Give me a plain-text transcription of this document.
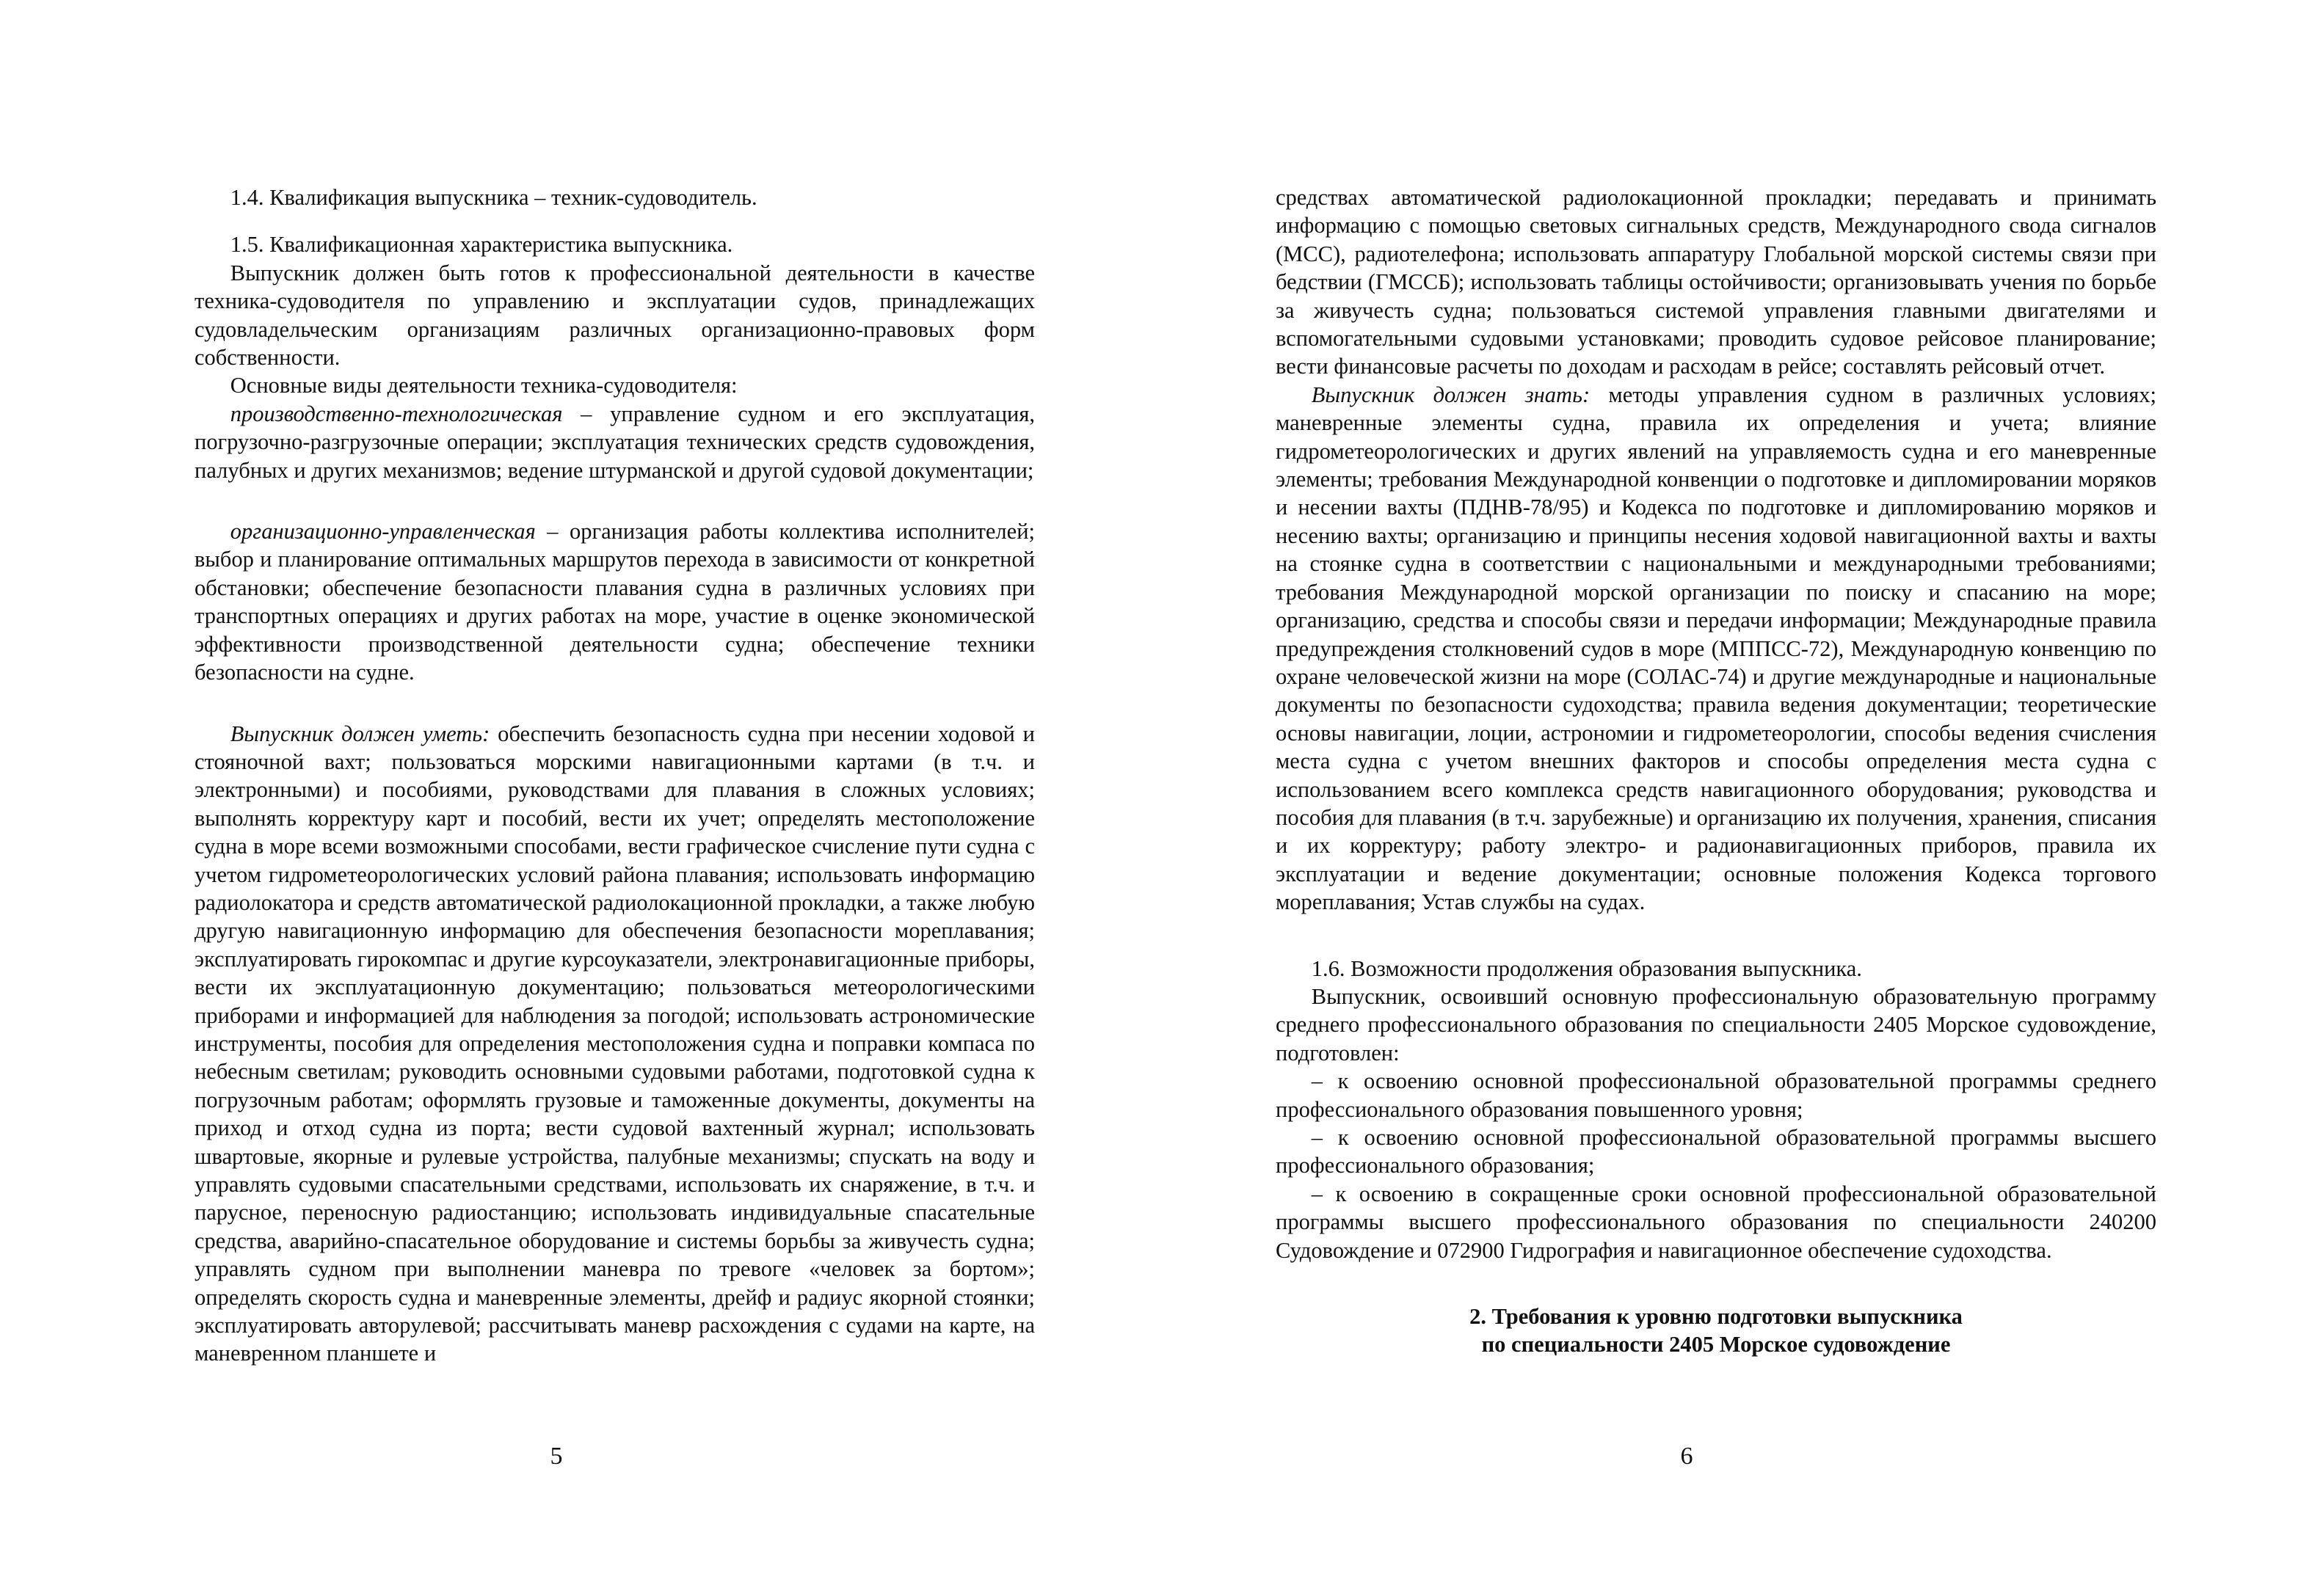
1.4. Квалификация выпускника – техник-судоводитель.

1.5. Квалификационная характеристика выпускника.

Выпускник должен быть готов к профессиональной деятельности в качестве техника-судоводителя по управлению и эксплуатации судов, принадлежащих судовладельческим организациям различных организационно-правовых форм собственности.

Основные виды деятельности техника-судоводителя:

производственно-технологическая – управление судном и его эксплуатация, погрузочно-разгрузочные операции; эксплуатация технических средств судовождения, палубных и других механизмов; ведение штурманской и другой судовой документации;

организационно-управленческая – организация работы коллектива исполнителей; выбор и планирование оптимальных маршрутов перехода в зависимости от конкретной обстановки; обеспечение безопасности плавания судна в различных условиях при транспортных операциях и других работах на море, участие в оценке экономической эффективности производственной деятельности судна; обеспечение техники безопасности на судне.

Выпускник должен уметь: обеспечить безопасность судна при несении ходовой и стояночной вахт; пользоваться морскими навигационными картами (в т.ч. и электронными) и пособиями, руководствами для плавания в сложных условиях; выполнять корректуру карт и пособий, вести их учет; определять местоположение судна в море всеми возможными способами, вести графическое счисление пути судна с учетом гидрометеорологических условий района плавания; использовать информацию радиолокатора и средств автоматической радиолокационной прокладки, а также любую другую навигационную информацию для обеспечения безопасности мореплавания; эксплуатировать гирокомпас и другие курсоуказатели, электронавигационные приборы, вести их эксплуатационную документацию; пользоваться метеорологическими приборами и информацией для наблюдения за погодой; использовать астрономические инструменты, пособия для определения местоположения судна и поправки компаса по небесным светилам; руководить основными судовыми работами, подготовкой судна к погрузочным работам; оформлять грузовые и таможенные документы, документы на приход и отход судна из порта; вести судовой вахтенный журнал; использовать швартовые, якорные и рулевые устройства, палубные механизмы; спускать на воду и управлять судовыми спасательными средствами, использовать их снаряжение, в т.ч. и парусное, переносную радиостанцию; использовать индивидуальные спасательные средства, аварийно-спасательное оборудование и системы борьбы за живучесть судна; управлять судном при выполнении маневра по тревоге «человек за бортом»; определять скорость судна и маневренные элементы, дрейф и радиус якорной стоянки; эксплуатировать авторулевой; рассчитывать маневр расхождения с судами на карте, на маневренном планшете и

5

средствах автоматической радиолокационной прокладки; передавать и принимать информацию с помощью световых сигнальных средств, Международного свода сигналов (МСС), радиотелефона; использовать аппаратуру Глобальной морской системы связи при бедствии (ГМССБ); использовать таблицы остойчивости; организовывать учения по борьбе за живучесть судна; пользоваться системой управления главными двигателями и вспомогательными судовыми установками; проводить судовое рейсовое планирование; вести финансовые расчеты по доходам и расходам в рейсе; составлять рейсовый отчет.

Выпускник должен знать: методы управления судном в различных условиях; маневренные элементы судна, правила их определения и учета; влияние гидрометеорологических и других явлений на управляемость судна и его маневренные элементы; требования Международной конвенции о подготовке и дипломировании моряков и несении вахты (ПДНВ-78/95) и Кодекса по подготовке и дипломированию моряков и несению вахты; организацию и принципы несения ходовой навигационной вахты и вахты на стоянке судна в соответствии с национальными и международными требованиями; требования Международной морской организации по поиску и спасанию на море; организацию, средства и способы связи и передачи информации; Международные правила предупреждения столкновений судов в море (МППСС-72), Международную конвенцию по охране человеческой жизни на море (СОЛАС-74) и другие международные и национальные документы по безопасности судоходства; правила ведения документации; теоретические основы навигации, лоции, астрономии и гидрометеорологии, способы ведения счисления места судна с учетом внешних факторов и способы определения места судна с использованием всего комплекса средств навигационного оборудования; руководства и пособия для плавания (в т.ч. зарубежные) и организацию их получения, хранения, списания и их корректуру; работу электро- и радионавигационных приборов, правила их эксплуатации и ведение документации; основные положения Кодекса торгового мореплавания; Устав службы на судах.

1.6. Возможности продолжения образования выпускника.

Выпускник, освоивший основную профессиональную образовательную программу среднего профессионального образования по специальности 2405 Морское судовождение, подготовлен:

– к освоению основной профессиональной образовательной программы среднего профессионального образования повышенного уровня;

– к освоению основной профессиональной образовательной программы высшего профессионального образования;

– к освоению в сокращенные сроки основной профессиональной образовательной программы высшего профессионального образования по специальности 240200 Судовождение и 072900 Гидрография и навигационное обеспечение судоходства.

2. Требования к уровню подготовки выпускника
по специальности 2405 Морское судовождение
6
